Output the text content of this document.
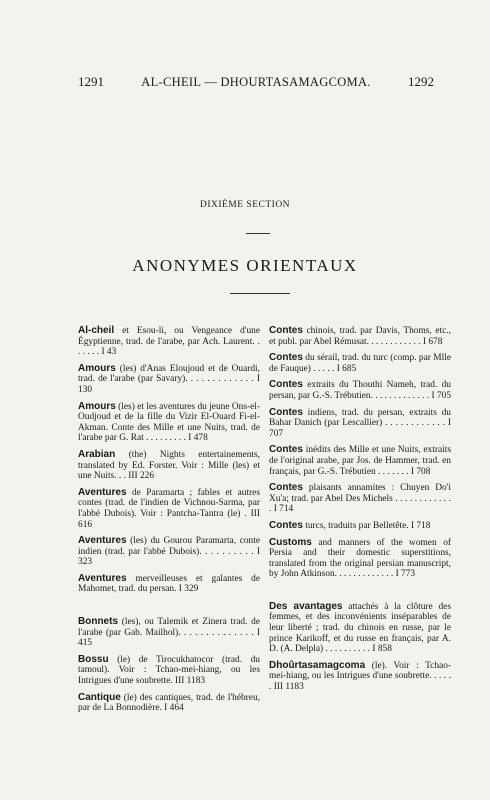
1291	AL-CHEIL — DHOURTASAMAGCOMA.	1292
DIXIÈME SECTION
ANONYMES ORIENTAUX
Al-cheil et Esou-li, ou Vengeance d'une Égyptienne, trad. de l'arabe, par Ach. Laurent. . . . . . . I 43
Amours (les) d'Anas Eloujoud et de Ouardi, trad. de l'arabe (par Savary). . . . . . . . . . . . . I 130
Amours (les) et les aventures du jeune Ons-el-Oudjoud et de la fille du Vizir El-Ouard Fi-el-Akman. Conte des Mille et une Nuits, trad. de l'arabe par G. Rat . . . . . . . . . I 478
Arabian (the) Nights entertainements, translated by Ed. Forster. Voir : Mille (les) et une Nuits. . . III 226
Aventures de Paramarta ; fables et autres contes (trad. de l'indien de Vichnou-Sarma, par l'abbé Dubois). Voir : Pantcha-Tantra (le) . III 616
Aventures (les) du Gourou Paramarta, conte indien (trad. par l'abbé Dubois). . . . . . . . . . I 323
Aventures merveilleuses et galantes de Mahomet, trad. du persan. I 329
Bonnets (les), ou Talemik et Zinera trad. de l'arabe (par Gab. Mailhol). . . . . . . . . . . . . . I 415
Bossu (le) de Tirocukhatocor (trad. du tamoul). Voir : Tchao-mei-hiang, ou les Intrigues d'une soubrette. III 1183
Cantique (le) des cantiques, trad. de l'hébreu, par de La Bonnodière. I 464
Contes chinois, trad. par Davis, Thoms, etc., et publ. par Abel Rémusat. . . . . . . . . . . . I 678
Contes du sérail, trad. du turc (comp. par Mlle de Fauque) . . . . . I 685
Contes extraits du Thouthi Nameh, trad. du persan, par G.-S. Trébutien. . . . . . . . . . . . . I 705
Contes indiens, trad. du persan, extraits du Bahar Danich (par Lescallier) . . . . . . . . . . . . I 707
Contes inédits des Mille et une Nuits, extraits de l'original arabe, par Jos. de Hammer, trad. en français, par G.-S. Trébutien . . . . . . . I 708
Contes plaisants annamites : Chuyen Do'i Xu'a; trad. par Abel Des Michels . . . . . . . . . . . . . I 714
Contes turcs, traduits par Belletête. I 718
Customs and manners of the women of Persia and their domestic superstitions, translated from the original persian manuscript, by John Atkinson. . . . . . . . . . . . . I 773
Des avantages attachés à la clôture des femmes, et des inconvénients inséparables de leur liberté ; trad. du chinois en russe, par le prince Karikoff, et du russe en français, par A. D. (A. Delpla) . . . . . . . . . . I 858
Dhoûrtasamagcoma (le). Voir : Tchao-mei-hiang, ou les Intrigues d'une soubrette. . . . . . III 1183
